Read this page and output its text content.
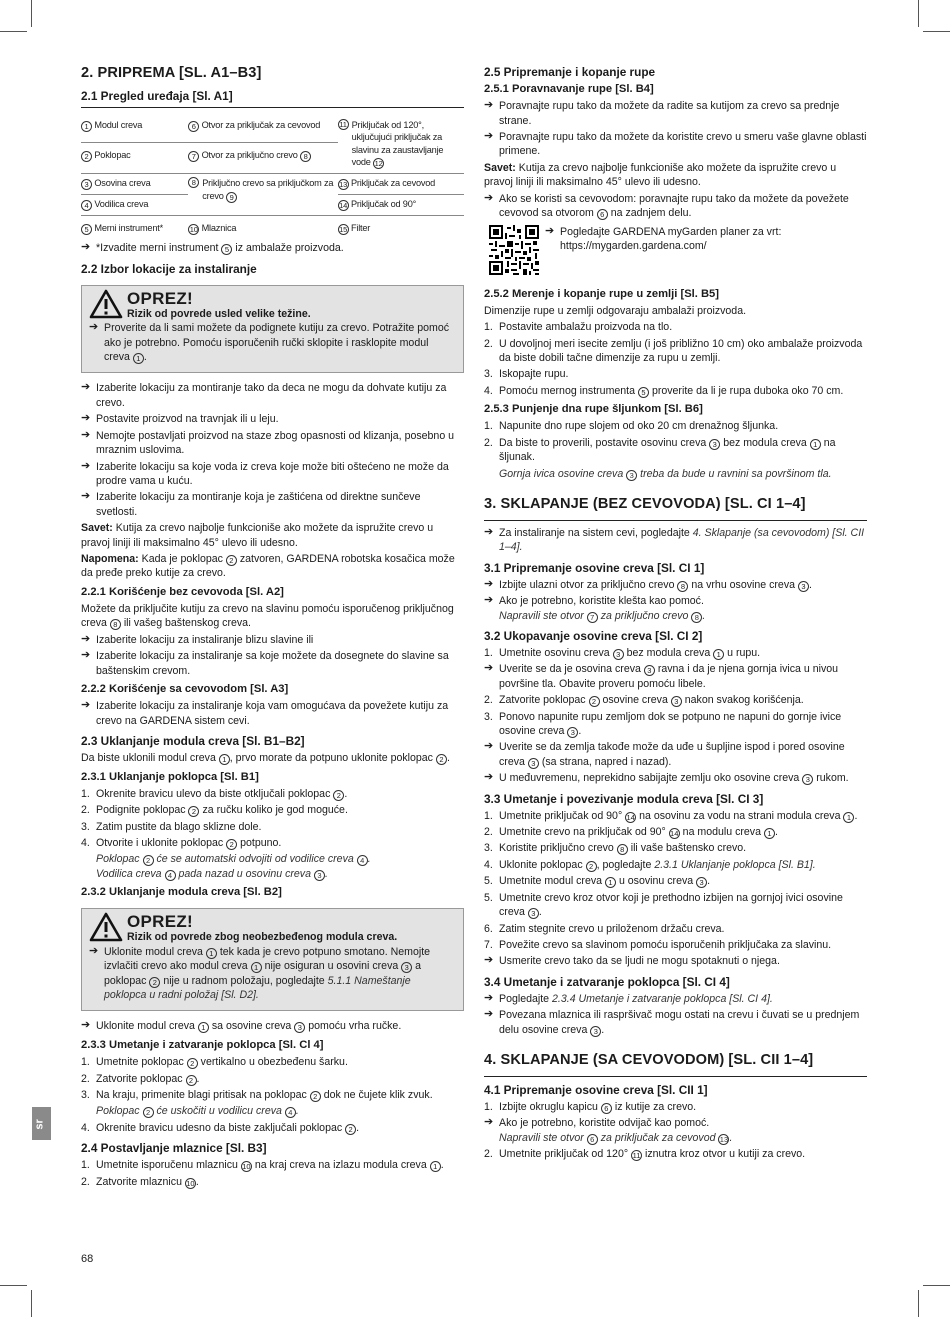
2. PRIPREMA [SL. A1–B3]
2.1 Pregled uređaja [Sl. A1]
1 Modul creva	6 Otvor za priključak za cevovod	11 Priključak od 120°, uključujući priključak za slavinu za zaustavljanje vode 12

2 Poklopac	7 Otvor za priključno crevo 8	
3 Osovina creva	8 Priključno crevo sa priključkom za crevo 9	13 Priključak za cevovod
4 Vodilica creva		14 Priključak od 90°
5 Merni instrument*	10 Mlaznica	15 Filter
➔ *Izvadite merni instrument 5 iz ambalaže proizvoda.
2.2 Izbor lokacije za instaliranje
OPREZ!
Rizik od povrede usled velike težine.
➔ Proverite da li sami možete da podignete kutiju za crevo. Potražite pomoć ako je potrebno. Pomoću isporučenih ručki sklopite i rasklopite modul creva 1 .
➔ Izaberite lokaciju za montiranje tako da deca ne mogu da dohvate kutiju za crevo.
➔ Postavite proizvod na travnjak ili u leju.
➔ Nemojte postavljati proizvod na staze zbog opasnosti od klizanja, posebno u mraznim uslovima.
➔ Izaberite lokaciju sa koje voda iz creva koje može biti oštećeno ne može da prodre vama u kuću.
➔ Izaberite lokaciju za montiranje koja je zaštićena od direktne sunčeve svetlosti.
Savet: Kutija za crevo najbolje funkcioniše ako možete da ispružite crevo u pravoj liniji ili maksimalno 45° ulevo ili udesno.
Napomena: Kada je poklopac 2 zatvoren, GARDENA robotska kosačica može da pređe preko kutije za crevo.
2.2.1 Korišćenje bez cevovoda [Sl. A2]
Možete da priključite kutiju za crevo na slavinu pomoću isporučenog priključnog creva 8 ili vašeg baštenskog creva.
➔ Izaberite lokaciju za instaliranje blizu slavine ili
➔ Izaberite lokaciju za instaliranje sa koje možete da dosegnete do slavine sa baštenskim crevom.
2.2.2 Korišćenje sa cevovodom [Sl. A3]
➔ Izaberite lokaciju za instaliranje koja vam omogućava da povežete kutiju za crevo na GARDENA sistem cevi.
2.3 Uklanjanje modula creva [Sl. B1–B2]
Da biste uklonili modul creva 1 , prvo morate da potpuno uklonite poklopac 2 .
2.3.1 Uklanjanje poklopca [Sl. B1]
1. Okrenite bravicu ulevo da biste otključali poklopac 2 .
2. Podignite poklopac 2 za ručku koliko je god moguće.
3. Zatim pustite da blago sklizne dole.
4. Otvorite i uklonite poklopac 2 potpuno.
Poklopac 2 će se automatski odvojiti od vodilice creva 4 .
Vodilica creva 4 pada nazad u osovinu creva 3 .
2.3.2 Uklanjanje modula creva [Sl. B2]
OPREZ!
Rizik od povrede zbog neobezbeđenog modula creva.
➔ Uklonite modul creva 1 tek kada je crevo potpuno smotano. Nemojte izvlačiti crevo ako modul creva 1 nije osiguran u osovini creva 3 a poklopac 2 nije u radnom položaju, pogledajte 5.1.1 Nameštanje poklopca u radni položaj [Sl. D2].
➔ Uklonite modul creva 1 sa osovine creva 3 pomoću vrha ručke.
2.3.3 Umetanje i zatvaranje poklopca [Sl. Cl 4]
1. Umetnite poklopac 2 vertikalno u obezbeđenu šarku.
2. Zatvorite poklopac 2 .
3. Na kraju, primenite blagi pritisak na poklopac 2 dok ne čujete klik zvuk.
Poklopac 2 će uskočiti u vodilicu creva 4 .
4. Okrenite bravicu udesno da biste zaključali poklopac 2 .
2.4 Postavljanje mlaznice [Sl. B3]
1. Umetnite isporučenu mlaznicu 10 na kraj creva na izlazu modula creva 1 .
2. Zatvorite mlaznicu 10.
2.5 Pripremanje i kopanje rupe
2.5.1 Poravnavanje rupe [Sl. B4]
➔ Poravnajte rupu tako da možete da radite sa kutijom za crevo sa prednje strane.
➔ Poravnajte rupu tako da možete da koristite crevo u smeru vaše glavne oblasti primene.
Savet: Kutija za crevo najbolje funkcioniše ako možete da ispružite crevo u pravoj liniji ili maksimalno 45° ulevo ili udesno.
➔ Ako se koristi sa cevovodom: poravnajte rupu tako da možete da povežete cevovod sa otvorom 6 na zadnjem delu.
➔ Pogledajte GARDENA myGarden planer za vrt: https://mygarden.gardena.com/
2.5.2 Merenje i kopanje rupe u zemlji [Sl. B5]
Dimenzije rupe u zemlji odgovaraju ambalaži proizvoda.
1. Postavite ambalažu proizvoda na tlo.
2. U dovoljnoj meri isecite zemlju (i još približno 10 cm) oko ambalaže proizvoda da biste dobili tačne dimenzije za rupu u zemlji.
3. Iskopajte rupu.
4. Pomoću mernog instrumenta 5 proverite da li je rupa duboka oko 70 cm.
2.5.3 Punjenje dna rupe šljunkom [Sl. B6]
1. Napunite dno rupe slojem od oko 20 cm drenažnog šljunka.
2. Da biste to proverili, postavite osovinu creva 3 bez modula creva 1 na šljunak.
Gornja ivica osovine creva 3 treba da bude u ravnini sa površinom tla.
3. SKLAPANJE (BEZ CEVOVODA) [SL. CI 1–4]
➔ Za instaliranje na sistem cevi, pogledajte 4. Sklapanje (sa cevovodom) [Sl. CII 1–4].
3.1 Pripremanje osovine creva [Sl. CI 1]
➔ Izbijte ulazni otvor za priključno crevo 8 na vrhu osovine creva 3 .
➔ Ako je potrebno, koristite klešta kao pomoć.
Napravili ste otvor 7 za priključno crevo 8 .
3.2 Ukopavanje osovine creva [Sl. CI 2]
1. Umetnite osovinu creva 3 bez modula creva 1 u rupu.
➔ Uverite se da je osovina creva 3 ravna i da je njena gornja ivica u nivou površine tla. Obavite proveru pomoću libele.
2. Zatvorite poklopac 2 osovine creva 3 nakon svakog korišćenja.
3. Ponovo napunite rupu zemljom dok se potpuno ne napuni do gornje ivice osovine creva 3 .
➔ Uverite se da zemlja takođe može da uđe u šupljine ispod i pored osovine creva 3 (sa strana, napred i nazad).
➔ U međuvremenu, neprekidno sabijajte zemlju oko osovine creva 3 rukom.
3.3 Umetanje i povezivanje modula creva [Sl. CI 3]
1. Umetnite priključak od 90° 14 na osovinu za vodu na strani modula creva 1 .
2. Umetnite crevo na priključak od 90° 14 na modulu creva 1 .
3. Koristite priključno crevo 8 ili vaše baštensko crevo.
4. Uklonite poklopac 2 , pogledajte 2.3.1 Uklanjanje poklopca [Sl. B1].
5. Umetnite modul creva 1 u osovinu creva 3 .
5. Umetnite crevo kroz otvor koji je prethodno izbijen na gornjoj ivici osovine creva 3 .
6. Zatim stegnite crevo u priloženom držaču creva.
7. Povežite crevo sa slavinom pomoću isporučenih priključaka za slavinu.
➔ Usmerite crevo tako da se ljudi ne mogu spotaknuti o njega.
3.4 Umetanje i zatvaranje poklopca [Sl. CI 4]
➔ Pogledajte 2.3.4 Umetanje i zatvaranje poklopca [Sl. CI 4].
➔ Povezana mlaznica ili raspršivač mogu ostati na crevu i čuvati se u prednjem delu osovine creva 3 .
4. SKLAPANJE (SA CEVOVODOM) [SL. CII 1–4]
4.1 Pripremanje osovine creva [Sl. CII 1]
1. Izbijte okruglu kapicu 6 iz kutije za crevo.
➔ Ako je potrebno, koristite odvijač kao pomoć.
Napravili ste otvor 6 za priključak za cevovod 13.
2. Umetnite priključak od 120° 11 iznutra kroz otvor u kutiji za crevo.
sr
68
